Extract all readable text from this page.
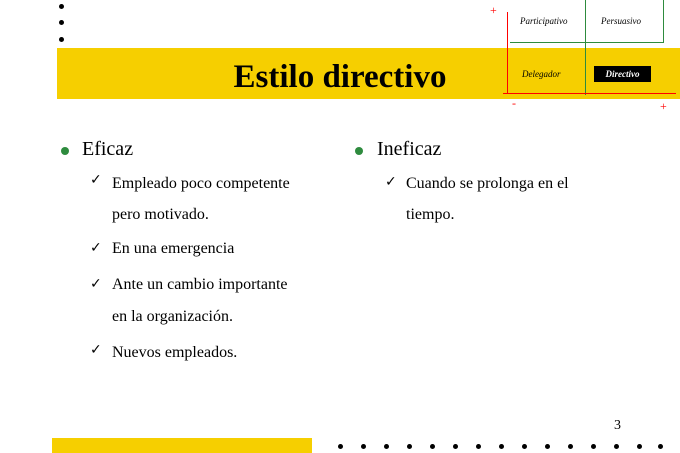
Estilo directivo
+
-	+
Participativo	Persuasivo
Delegador	Directivo
Eficaz
✓ Empleado poco competente
pero motivado.
✓ En una emergencia
✓ Ante un cambio importante
en la organización.
✓ Nuevos empleados.
Ineficaz
✓ Cuando se prolonga en el
tiempo.
3
